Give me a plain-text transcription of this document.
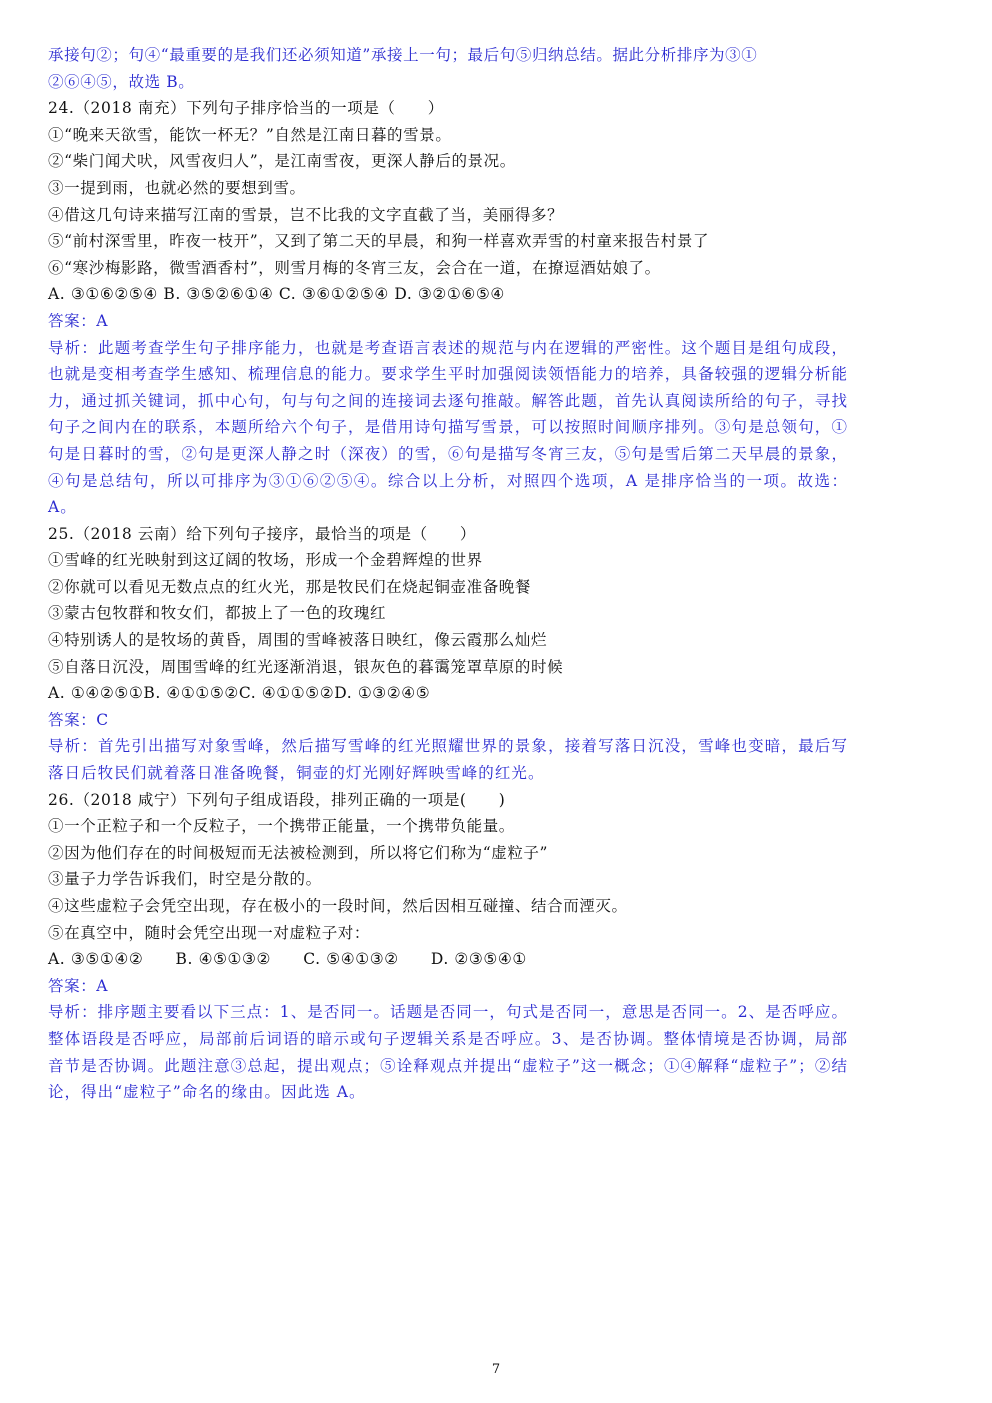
承接句②；句④“最重要的是我们还必须知道”承接上一句；最后句⑤归纳总结。据此分析排序为③①
②⑥④⑤，故选 B。
24.（2018 南充）下列句子排序恰当的一项是（　　）
①“晚来天欲雪，能饮一杯无？”自然是江南日暮的雪景。
②“柴门闻犬吠，风雪夜归人”，是江南雪夜，更深人静后的景况。
③一提到雨，也就必然的要想到雪。
④借这几句诗来描写江南的雪景，岂不比我的文字直截了当，美丽得多？
⑤“前村深雪里，昨夜一枝开”，又到了第二天的早晨，和狗一样喜欢弄雪的村童来报告村景了
⑥“寒沙梅影路，微雪酒香村”，则雪月梅的冬宵三友，会合在一道，在撩逗酒姑娘了。
A. ③①⑥②⑤④ B. ③⑤②⑥①④ C. ③⑥①②⑤④ D. ③②①⑥⑤④
答案：A
导析：此题考查学生句子排序能力，也就是考查语言表述的规范与内在逻辑的严密性。这个题目是组句成段，也就是变相考查学生感知、梳理信息的能力。要求学生平时加强阅读领悟能力的培养，具备较强的逻辑分析能力，通过抓关键词，抓中心句，句与句之间的连接词去逐句推敲。解答此题，首先认真阅读所给的句子，寻找句子之间内在的联系，本题所给六个句子，是借用诗句描写雪景，可以按照时间顺序排列。③句是总领句，①句是日暮时的雪，②句是更深人静之时（深夜）的雪，⑥句是描写冬宵三友，⑤句是雪后第二天早晨的景象，④句是总结句，所以可排序为③①⑥②⑤④。综合以上分析，对照四个选项，A 是排序恰当的一项。故选：A。
25.（2018 云南）给下列句子接序，最恰当的项是（　　）
①雪峰的红光映射到这辽阔的牧场，形成一个金碧辉煌的世界
②你就可以看见无数点点的红火光，那是牧民们在烧起铜壶准备晚餐
③蒙古包牧群和牧女们，都披上了一色的玫瑰红
④特别诱人的是牧场的黄昏，周围的雪峰被落日映红，像云霞那么灿烂
⑤自落日沉没，周围雪峰的红光逐渐消退，银灰色的暮霭笼罩草原的时候
A. ①④②⑤①B. ④①①⑤②C. ④①①⑤②D. ①③②④⑤
答案：C
导析：首先引出描写对象雪峰，然后描写雪峰的红光照耀世界的景象，接着写落日沉没，雪峰也变暗，最后写落日后牧民们就着落日准备晚餐，铜壶的灯光刚好辉映雪峰的红光。
26.（2018 咸宁）下列句子组成语段，排列正确的一项是(　　)
①一个正粒子和一个反粒子，一个携带正能量，一个携带负能量。
②因为他们存在的时间极短而无法被检测到，所以将它们称为“虚粒子”
③量子力学告诉我们，时空是分散的。
④这些虚粒子会凭空出现，存在极小的一段时间，然后因相互碰撞、结合而湮灭。
⑤在真空中，随时会凭空出现一对虚粒子对：
A. ③⑤①④②　　B. ④⑤①③②　　C. ⑤④①③②　　D. ②③⑤④①
答案：A
导析：排序题主要看以下三点：1、是否同一。话题是否同一，句式是否同一，意思是否同一。2、是否呼应。整体语段是否呼应，局部前后词语的暗示或句子逻辑关系是否呼应。3、是否协调。整体情境是否协调，局部音节是否协调。此题注意③总起，提出观点；⑤诠释观点并提出“虚粒子”这一概念；①④解释“虚粒子”；②结论，得出“虚粒子”命名的缘由。因此选 A。
7
